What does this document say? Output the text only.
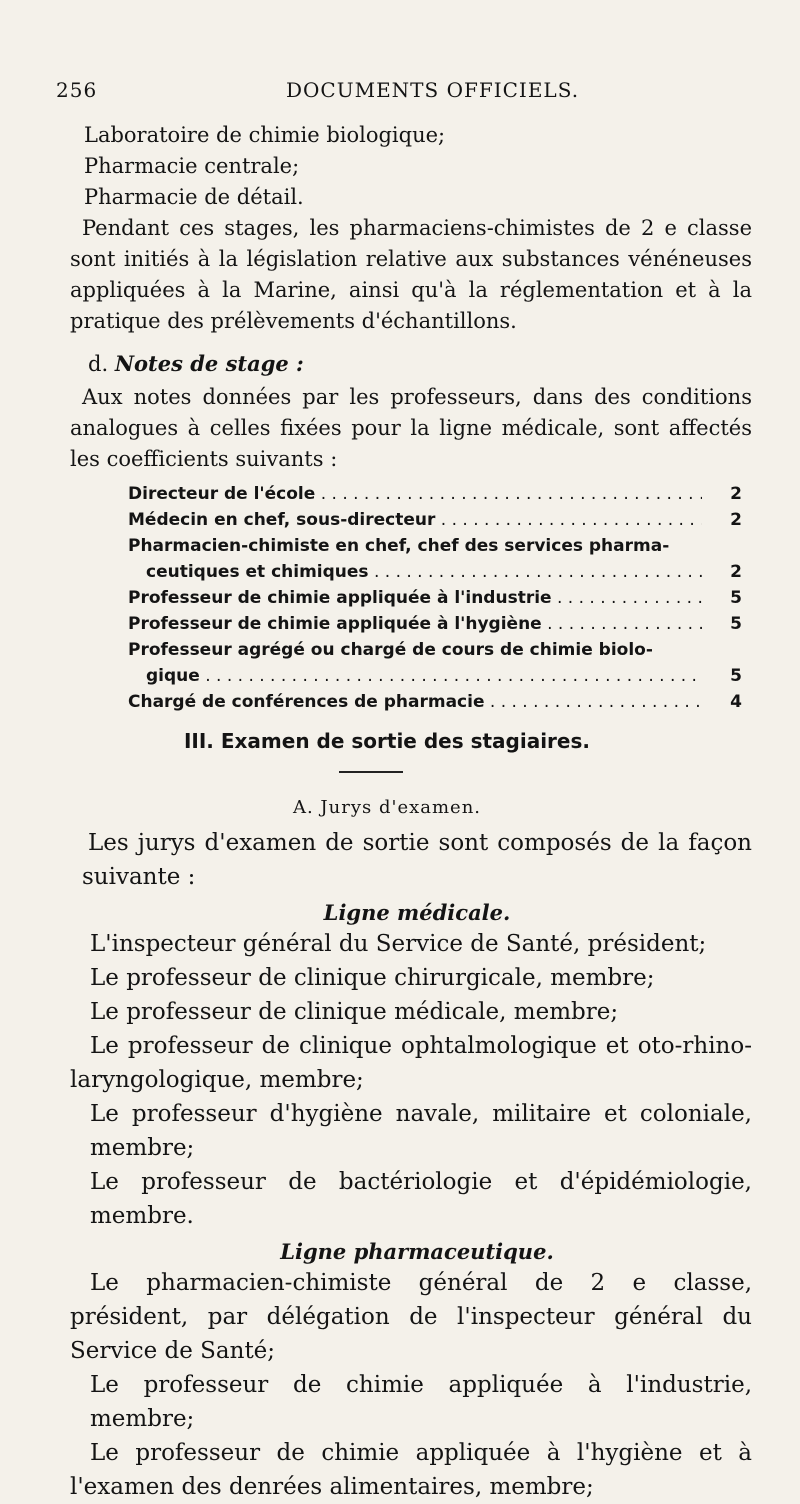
256	DOCUMENTS OFFICIELS.

Laboratoire de chimie biologique;

Pharmacie centrale;

Pharmacie de détail.

Pendant ces stages, les pharmaciens-chimistes de 2 e classe sont initiés à la législation relative aux substances vénéneuses appliquées à la Marine, ainsi qu'à la réglementation et à la pratique des prélèvements d'échantillons.

d. Notes de stage :

Aux notes données par les professeurs, dans des conditions analogues à celles fixées pour la ligne médicale, sont affectés les coefficients suivants :

Directeur de l'école . . .	2
Médecin en chef, sous-directeur . . .	2
Pharmacien-chimiste en chef, chef des services pharma-
ceutiques et chimiques . . .	2
Professeur de chimie appliquée à l'industrie . . .	5
Professeur de chimie appliquée à l'hygiène . . .	5
Professeur agrégé ou chargé de cours de chimie biolo-
gique . . .	5
Chargé de conférences de pharmacie . . .	4
III. Examen de sortie des stagiaires.
A. Jurys d'examen.

Les jurys d'examen de sortie sont composés de la façon suivante :

Ligne médicale.

L'inspecteur général du Service de Santé, président;

Le professeur de clinique chirurgicale, membre;

Le professeur de clinique médicale, membre;

Le professeur de clinique ophtalmologique et oto-rhino-laryngologique, membre;

Le professeur d'hygiène navale, militaire et coloniale, membre;

Le professeur de bactériologie et d'épidémiologie, membre.

Ligne pharmaceutique.

Le pharmacien-chimiste général de 2 e classe, président, par délégation de l'inspecteur général du Service de Santé;

Le professeur de chimie appliquée à l'industrie, membre;

Le professeur de chimie appliquée à l'hygiène et à l'examen des denrées alimentaires, membre;
